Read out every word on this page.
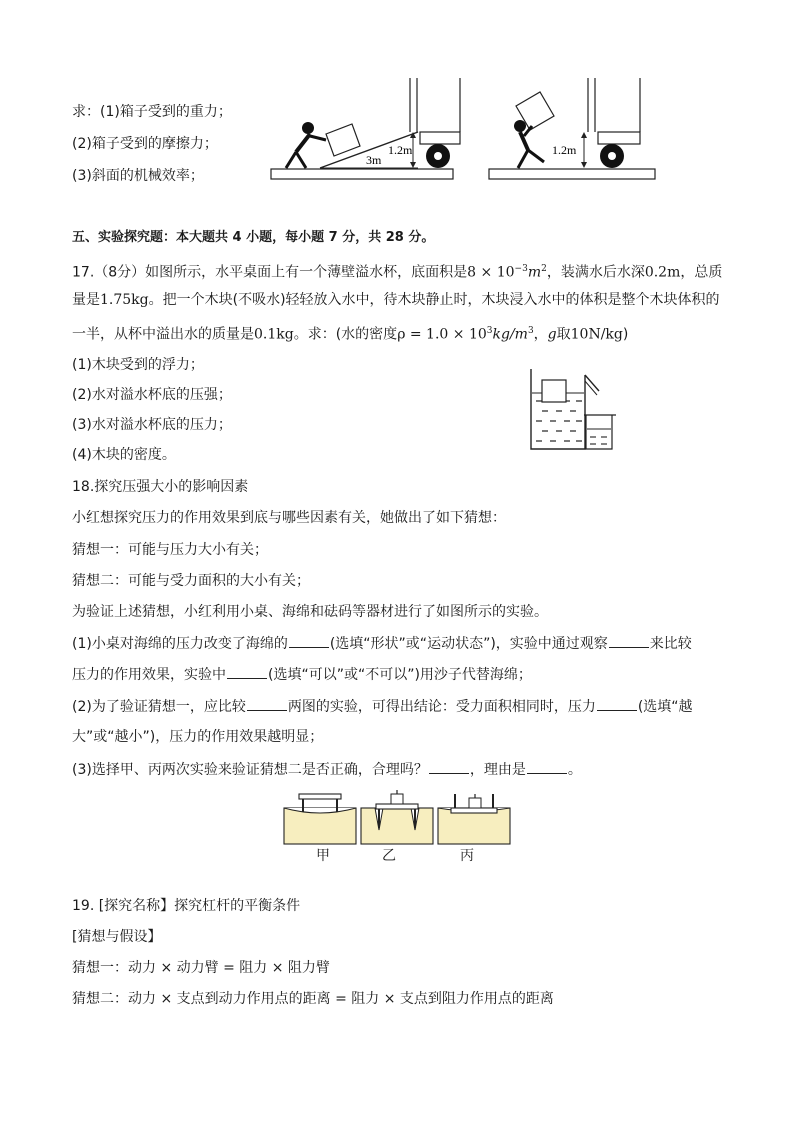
求：(1)箱子受到的重力；
(2)箱子受到的摩擦力；
(3)斜面的机械效率；
1.2m
3m
1.2m
五、实验探究题：本大题共 4 小题，每小题 7 分，共 28 分。
17.（8分）如图所示，水平桌面上有一个薄壁溢水杯，底面积是$8 \times 10^{-3}m^2$，装满水后水深0.2m，总质
量是1.75kg。把一个木块(不吸水)轻轻放入水中，待木块静止时，木块浸入水中的体积是整个木块体积的
一半，从杯中溢出水的质量是0.1kg。求：(水的密度$\rho = 1.0 \times 10^3kg/m^3$，g取10N/kg)
(1)木块受到的浮力；
(2)水对溢水杯底的压强；
(3)水对溢水杯底的压力；
(4)木块的密度。
18.探究压强大小的影响因素
小红想探究压力的作用效果到底与哪些因素有关，她做出了如下猜想：
猜想一：可能与压力大小有关；
猜想二：可能与受力面积的大小有关；
为验证上述猜想，小红利用小桌、海绵和砝码等器材进行了如图所示的实验。
(1)小桌对海绵的压力改变了海绵的	(选填“形状”或“运动状态”)，实验中通过观察	来比较
压力的作用效果，实验中	(选填“可以”或“不可以”)用沙子代替海绵；
(2)为了验证猜想一，应比较	两图的实验，可得出结论：受力面积相同时，压力	(选填“越
大”或“越小”)，压力的作用效果越明显；
(3)选择甲、丙两次实验来验证猜想二是否正确，合理吗？	，理由是	。
甲	乙	丙
19. [探究名称】探究杠杆的平衡条件
[猜想与假设】
猜想一：动力 × 动力臂 = 阻力 × 阻力臂
猜想二：动力 × 支点到动力作用点的距离 = 阻力 × 支点到阻力作用点的距离
